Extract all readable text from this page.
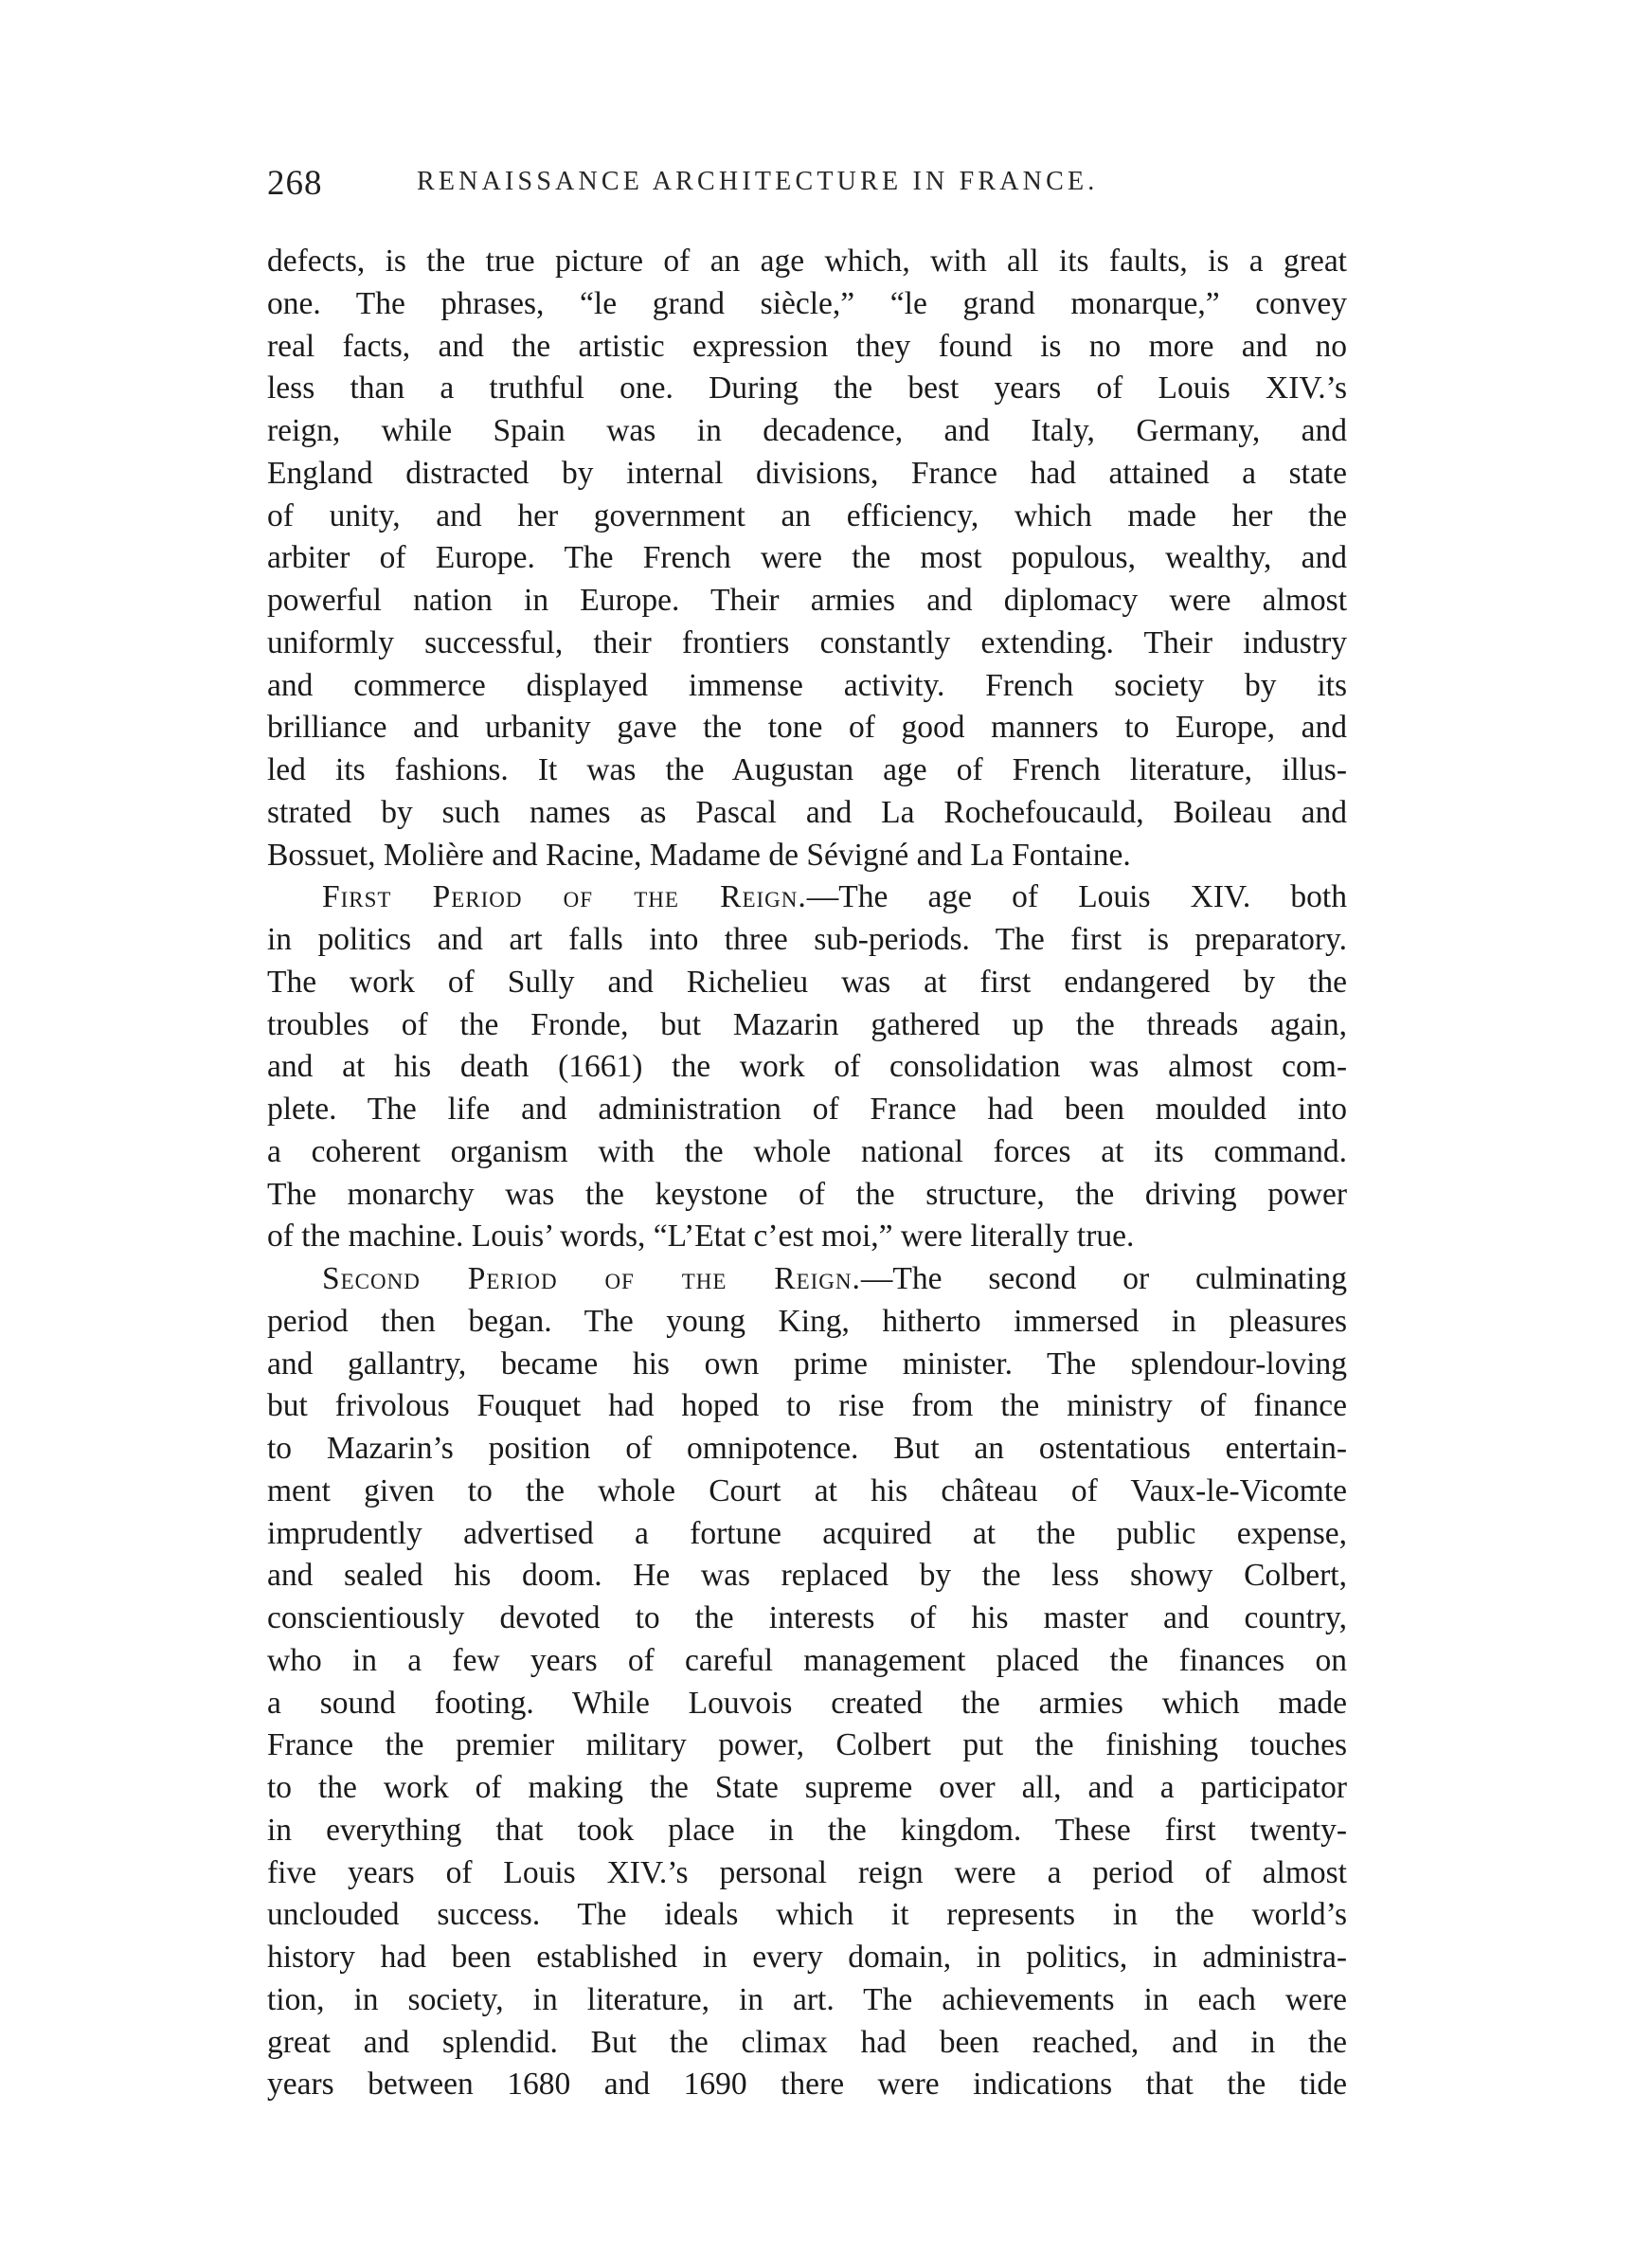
268	RENAISSANCE ARCHITECTURE IN FRANCE.
defects, is the true picture of an age which, with all its faults, is a great
one. The phrases, “le grand siècle,” “le grand monarque,” convey
real facts, and the artistic expression they found is no more and no
less than a truthful one. During the best years of Louis XIV.’s
reign, while Spain was in decadence, and Italy, Germany, and
England distracted by internal divisions, France had attained a state
of unity, and her government an efficiency, which made her the
arbiter of Europe. The French were the most populous, wealthy, and
powerful nation in Europe. Their armies and diplomacy were almost
uniformly successful, their frontiers constantly extending. Their industry
and commerce displayed immense activity. French society by its
brilliance and urbanity gave the tone of good manners to Europe, and
led its fashions. It was the Augustan age of French literature, illus-
strated by such names as Pascal and La Rochefoucauld, Boileau and
Bossuet, Molière and Racine, Madame de Sévigné and La Fontaine.
First Period of the Reign.—The age of Louis XIV. both
in politics and art falls into three sub-periods. The first is preparatory.
The work of Sully and Richelieu was at first endangered by the
troubles of the Fronde, but Mazarin gathered up the threads again,
and at his death (1661) the work of consolidation was almost com-
plete. The life and administration of France had been moulded into
a coherent organism with the whole national forces at its command.
The monarchy was the keystone of the structure, the driving power
of the machine. Louis’ words, “L’Etat c’est moi,” were literally true.
Second Period of the Reign.—The second or culminating
period then began. The young King, hitherto immersed in pleasures
and gallantry, became his own prime minister. The splendour-loving
but frivolous Fouquet had hoped to rise from the ministry of finance
to Mazarin’s position of omnipotence. But an ostentatious entertain-
ment given to the whole Court at his château of Vaux-le-Vicomte
imprudently advertised a fortune acquired at the public expense,
and sealed his doom. He was replaced by the less showy Colbert,
conscientiously devoted to the interests of his master and country,
who in a few years of careful management placed the finances on
a sound footing. While Louvois created the armies which made
France the premier military power, Colbert put the finishing touches
to the work of making the State supreme over all, and a participator
in everything that took place in the kingdom. These first twenty-
five years of Louis XIV.’s personal reign were a period of almost
unclouded success. The ideals which it represents in the world’s
history had been established in every domain, in politics, in administra-
tion, in society, in literature, in art. The achievements in each were
great and splendid. But the climax had been reached, and in the
years between 1680 and 1690 there were indications that the tide
